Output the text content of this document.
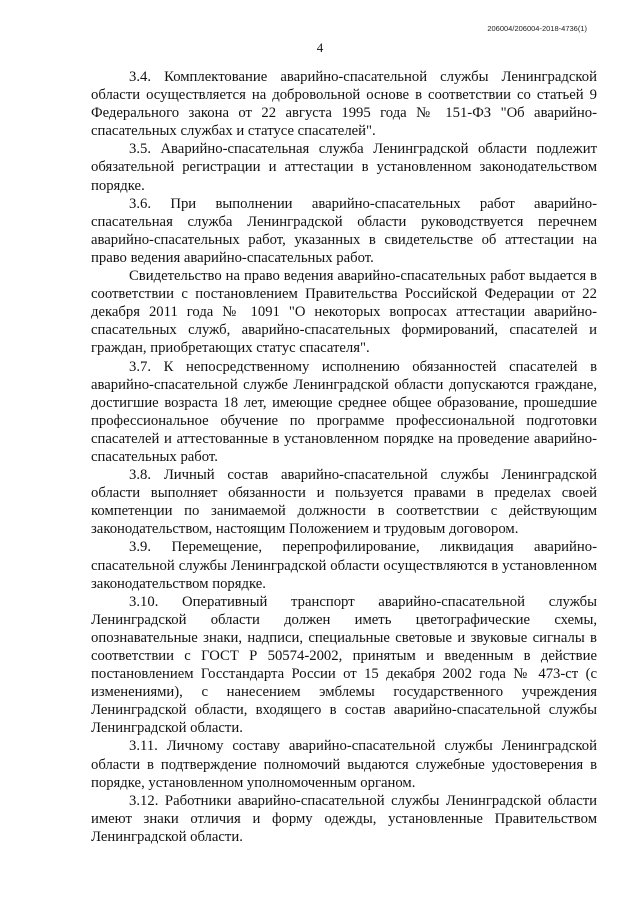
206004/206004-2018-4736(1)
4

3.4. Комплектование аварийно-спасательной службы Ленинградской области осуществляется на добровольной основе в соответствии со статьей 9 Федерального закона от 22 августа 1995 года № 151-ФЗ "Об аварийно-спасательных службах и статусе спасателей".

3.5. Аварийно-спасательная служба Ленинградской области подлежит обязательной регистрации и аттестации в установленном законодательством порядке.

3.6. При выполнении аварийно-спасательных работ аварийно-спасательная служба Ленинградской области руководствуется перечнем аварийно-спасательных работ, указанных в свидетельстве об аттестации на право ведения аварийно-спасательных работ.

Свидетельство на право ведения аварийно-спасательных работ выдается в соответствии с постановлением Правительства Российской Федерации от 22 декабря 2011 года № 1091 "О некоторых вопросах аттестации аварийно-спасательных служб, аварийно-спасательных формирований, спасателей и граждан, приобретающих статус спасателя".

3.7. К непосредственному исполнению обязанностей спасателей в аварийно-спасательной службе Ленинградской области допускаются граждане, достигшие возраста 18 лет, имеющие среднее общее образование, прошедшие профессиональное обучение по программе профессиональной подготовки спасателей и аттестованные в установленном порядке на проведение аварийно-спасательных работ.

3.8. Личный состав аварийно-спасательной службы Ленинградской области выполняет обязанности и пользуется правами в пределах своей компетенции по занимаемой должности в соответствии с действующим законодательством, настоящим Положением и трудовым договором.

3.9. Перемещение, перепрофилирование, ликвидация аварийно-спасательной службы Ленинградской области осуществляются в установленном законодательством порядке.

3.10. Оперативный транспорт аварийно-спасательной службы Ленинградской области должен иметь цветографические схемы, опознавательные знаки, надписи, специальные световые и звуковые сигналы в соответствии с ГОСТ Р 50574-2002, принятым и введенным в действие постановлением Госстандарта России от 15 декабря 2002 года № 473-ст (с изменениями), с нанесением эмблемы государственного учреждения Ленинградской области, входящего в состав аварийно-спасательной службы Ленинградской области.

3.11. Личному составу аварийно-спасательной службы Ленинградской области в подтверждение полномочий выдаются служебные удостоверения в порядке, установленном уполномоченным органом.

3.12. Работники аварийно-спасательной службы Ленинградской области имеют знаки отличия и форму одежды, установленные Правительством Ленинградской области.
